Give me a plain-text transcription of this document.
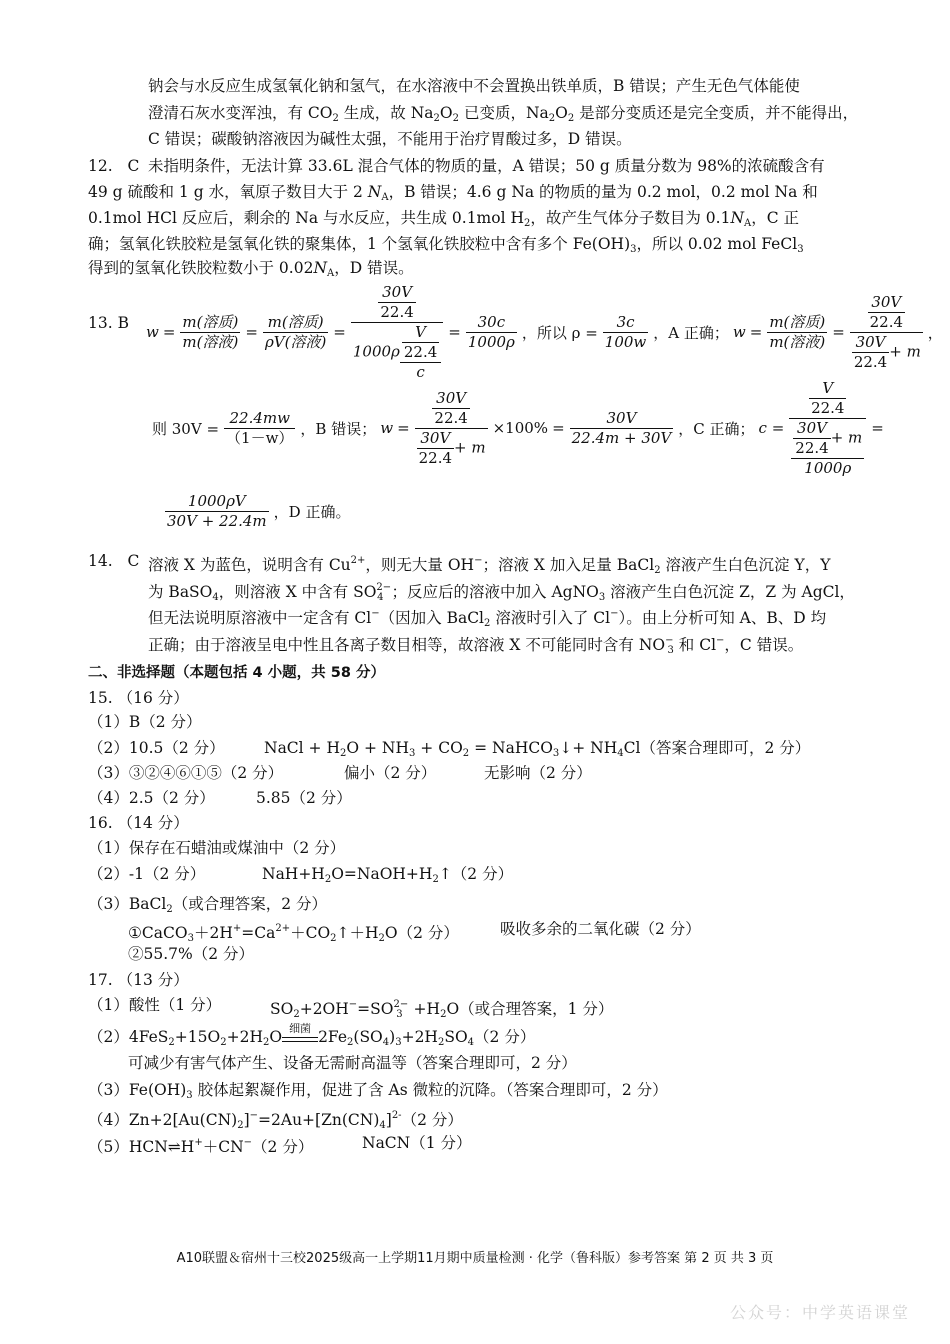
钠会与水反应生成氢氧化钠和氢气，在水溶液中不会置换出铁单质，B 错误；产生无色气体能使
澄清石灰水变浑浊，有 $CO_2$ 生成，故 $Na_2O_2$ 已变质，$Na_2O_2$ 是部分变质还是完全变质，并不能得出，
C 错误；碳酸钠溶液因为碱性太强，不能用于治疗胃酸过多，D 错误。
12. C 未指明条件，无法计算 33.6L 混合气体的物质的量，A 错误；50 g 质量分数为 98%的浓硫酸含有
49 g 硫酸和 1 g 水，氧原子数目大于 2 $N_A$，B 错误；4.6 g Na 的物质的量为 0.2 mol，0.2 mol Na 和
0.1mol HCl 反应后，剩余的 Na 与水反应，共生成 0.1mol $H_2$，故产生气体分子数目为 $0.1N_A$，C 正
确；氢氧化铁胶粒是氢氧化铁的聚集体，1 个氢氧化铁胶粒中含有多个 $Fe(OH)_3$，所以 0.02 mol FeCl$_3$
得到的氢氧化铁胶粒数小于 $0.02N_A$，D 错误。
13. B $w = \frac{\text{m(溶质)}}{\text{m(溶液)}} = \frac{\text{m(溶质)}}{\text{ρV(溶液)}} = \frac{\frac{30V}{22.4}}{1000\rho \frac{\frac{V}{22.4}}{c}} = \frac{30c}{1000\rho}$ ，所以 $\rho = \frac{3c}{100w}$ ，A 正确； $w = \frac{\text{m(溶质)}}{\text{m(溶液)}} = \frac{\frac{30V}{22.4}}{\frac{30V}{22.4} + m}$ ，
则 $30V = \frac{22.4mw}{(1-w)}$ ，B 错误； $w = \frac{\frac{30V}{22.4}}{\frac{30V}{22.4} + m} \times 100\% = \frac{30V}{22.4m + 30V}$ ，C 正确； $c = \frac{\frac{V}{22.4}}{\frac{\frac{30V}{22.4} + m}{1000\rho}}$ =
$\frac{1000\rho V}{30V + 22.4m}$ ，D 正确。
14. C 溶液 X 为蓝色，说明含有 $Cu^{2+}$，则无大量 OH−；溶液 X 加入足量 BaCl$_2$ 溶液产生白色沉淀 Y，Y
为 BaSO$_4$，则溶液 X 中含有 $SO^{2-}_4$ ；反应后的溶液中加入 AgNO$_3$ 溶液产生白色沉淀 Z，Z 为 AgCl，
但无法说明原溶液中一定含有 Cl−（因加入 BaCl$_2$ 溶液时引入了 Cl−）。由上分析可知 A、B、D 均
正确；由于溶液呈电中性且各离子数目相等，故溶液 X 不可能同时含有 $NO^-_3$ 和 Cl−，C 错误。
二、非选择题（本题包括 4 小题，共 58 分）
15. （16 分）
（1）B（2 分）
（2）10.5（2 分）	NaCl + $H_2O + NH_3 + CO_2$ = NaHCO$_3$↓+ $NH_4Cl$（答案合理即可，2 分）
（3）③②④⑥①⑤（2 分）	偏小（2 分）	无影响（2 分）
（4）2.5（2 分）	5.85（2 分）
16. （14 分）
（1）保存在石蜡油或煤油中（2 分）
（2）-1（2 分）	$NaH+H_2O=NaOH+H_2↑(2$ 分）
（3）BaCl$_2$（或合理答案，2 分）
$①CaCO_3+2H^+=Ca^{2+}+CO_2↑+H_2O(2$ 分）	吸收多余的二氧化碳（2 分）
②55.7%（2 分）
17. （13 分）
（1）酸性（1 分）	$SO_2+2OH^-=SO^{2-}_3 +H_2O$（或合理答案，1 分）
$(2)4FeS_2+15O_2+2H_2O$ 细菌 $2Fe_2(SO_4)_3+2H_2SO_4(2$ 分）
可减少有害气体产生、设备无需耐高温等（答案合理即可，2 分）
$(3)Fe(OH)_3$ 胶体起絮凝作用，促进了含 As 微粒的沉降。（答案合理即可，2 分）
$(4)Zn+2[Au(CN)_2]^-=2Au+[Zn(CN)_4]^{2-}(2$ 分）
（5）HCN⇌H+＋CN−（2 分）	NaCN（1 分）
A10联盟＆宿州十三校2025级高一上学期11月期中质量检测 · 化学（鲁科版）参考答案 第 2 页 共 3 页
公众号：中学英语课堂
